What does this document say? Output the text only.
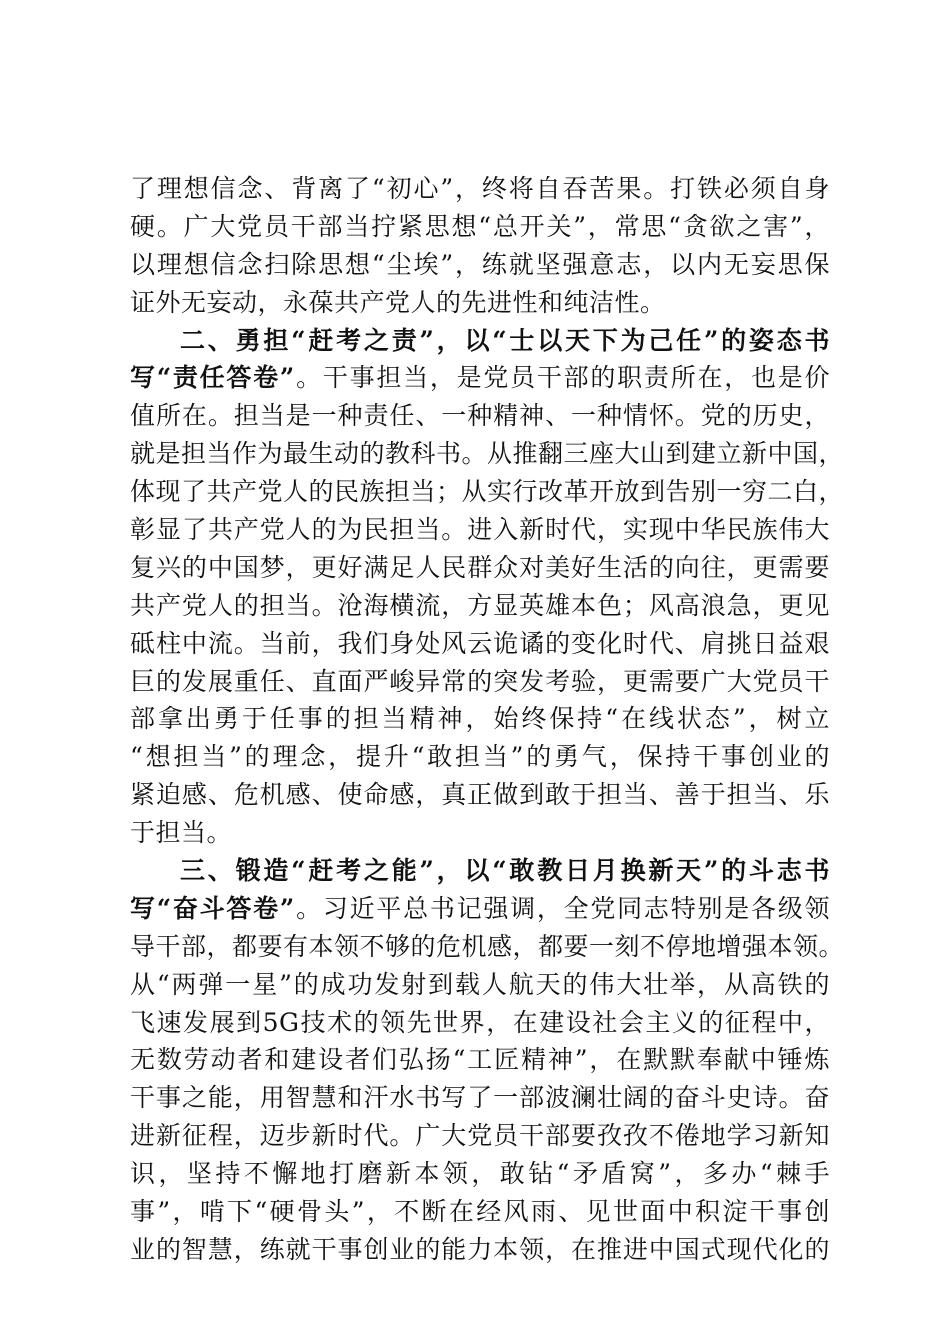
了理想信念、背离了“初心”，终将自吞苦果。打铁必须自身
硬。广大党员干部当拧紧思想“总开关”，常思“贪欲之害”，
以理想信念扫除思想“尘埃”，练就坚强意志，以内无妄思保
证外无妄动，永葆共产党人的先进性和纯洁性。
二、勇担“赶考之责”，以“士以天下为己任”的姿态书
写“责任答卷”。干事担当，是党员干部的职责所在，也是价
值所在。担当是一种责任、一种精神、一种情怀。党的历史，
就是担当作为最生动的教科书。从推翻三座大山到建立新中国，
体现了共产党人的民族担当；从实行改革开放到告别一穷二白，
彰显了共产党人的为民担当。进入新时代，实现中华民族伟大
复兴的中国梦，更好满足人民群众对美好生活的向往，更需要
共产党人的担当。沧海横流，方显英雄本色；风高浪急，更见
砥柱中流。当前，我们身处风云诡谲的变化时代、肩挑日益艰
巨的发展重任、直面严峻异常的突发考验，更需要广大党员干
部拿出勇于任事的担当精神，始终保持“在线状态”，树立
“想担当”的理念，提升“敢担当”的勇气，保持干事创业的
紧迫感、危机感、使命感，真正做到敢于担当、善于担当、乐
于担当。
三、锻造“赶考之能”，以“敢教日月换新天”的斗志书
写“奋斗答卷”。习近平总书记强调，全党同志特别是各级领
导干部，都要有本领不够的危机感，都要一刻不停地增强本领。
从“两弹一星”的成功发射到载人航天的伟大壮举，从高铁的
飞速发展到5G技术的领先世界，在建设社会主义的征程中，
无数劳动者和建设者们弘扬“工匠精神”，在默默奉献中锤炼
干事之能，用智慧和汗水书写了一部波澜壮阔的奋斗史诗。奋
进新征程，迈步新时代。广大党员干部要孜孜不倦地学习新知
识，坚持不懈地打磨新本领，敢钻“矛盾窝”，多办“棘手
事”，啃下“硬骨头”，不断在经风雨、见世面中积淀干事创
业的智慧，练就干事创业的能力本领，在推进中国式现代化的
